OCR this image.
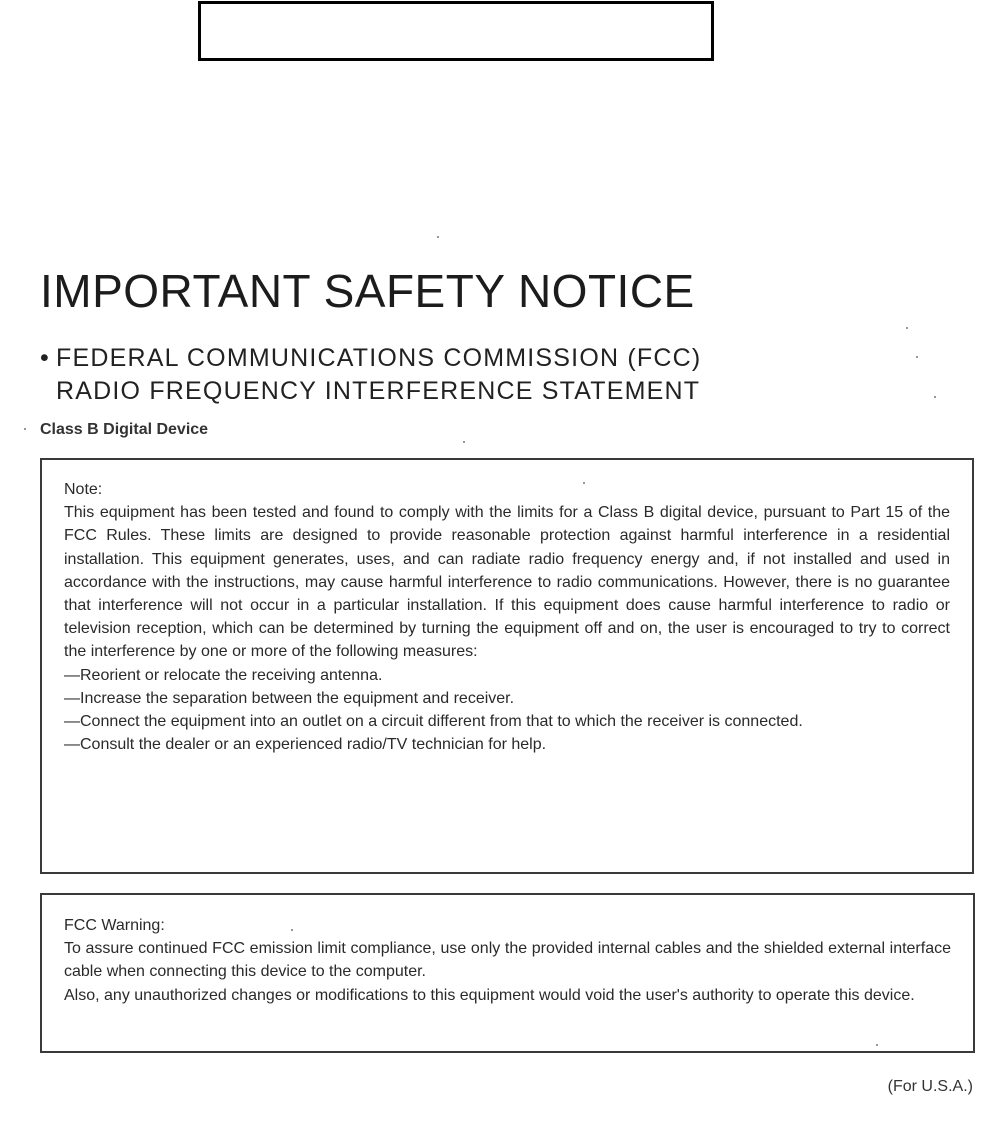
IMPORTANT SAFETY NOTICE
• FEDERAL COMMUNICATIONS COMMISSION (FCC)
RADIO FREQUENCY INTERFERENCE STATEMENT
Class B Digital Device

Note:

This equipment has been tested and found to comply with the limits for a Class B digital device, pursuant to Part 15 of the FCC Rules. These limits are designed to provide reasonable protection against harmful interference in a residential installation. This equipment generates, uses, and can radiate radio frequency energy and, if not installed and used in accordance with the instructions, may cause harmful interference to radio communications. However, there is no guarantee that interference will not occur in a particular installation. If this equipment does cause harmful interference to radio or television reception, which can be determined by turning the equipment off and on, the user is encouraged to try to correct the interference by one or more of the following measures:

— Reorient or relocate the receiving antenna.
— Increase the separation between the equipment and receiver.
— Connect the equipment into an outlet on a circuit different from that to which the receiver is connected.
— Consult the dealer or an experienced radio/TV technician for help.

FCC Warning:

To assure continued FCC emission limit compliance, use only the provided internal cables and the shielded external interface cable when connecting this device to the computer.

Also, any unauthorized changes or modifications to this equipment would void the user's authority to operate this device.

(For U.S.A.)
